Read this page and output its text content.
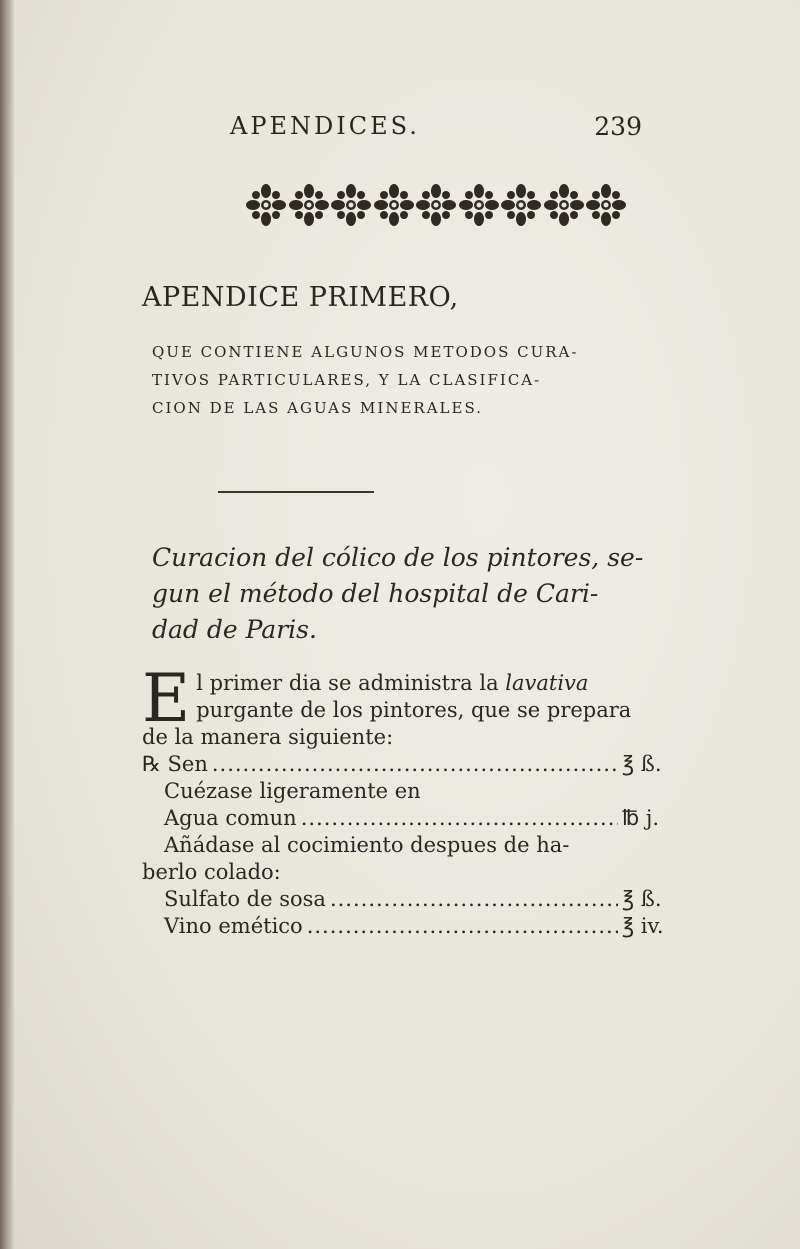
APENDICES.	239
APENDICE PRIMERO,
QUE CONTIENE ALGUNOS METODOS CURA-
TIVOS PARTICULARES, Y LA CLASIFICA-
CION DE LAS AGUAS MINERALES.

Curacion del cólico de los pintores, se-

gun el método del hospital de Cari-

dad de Paris.

El primer dia se administra la lavativa
purgante de los pintores, que se prepara
de la manera siguiente:

℞ Sen .....	℥ ß.

Cuézase ligeramente en

Agua comun .....	℔ j.

Añádase al cocimiento despues de ha-

berlo colado:

Sulfato de sosa .....	℥ ß.
Vino emético .....	℥ iv.
